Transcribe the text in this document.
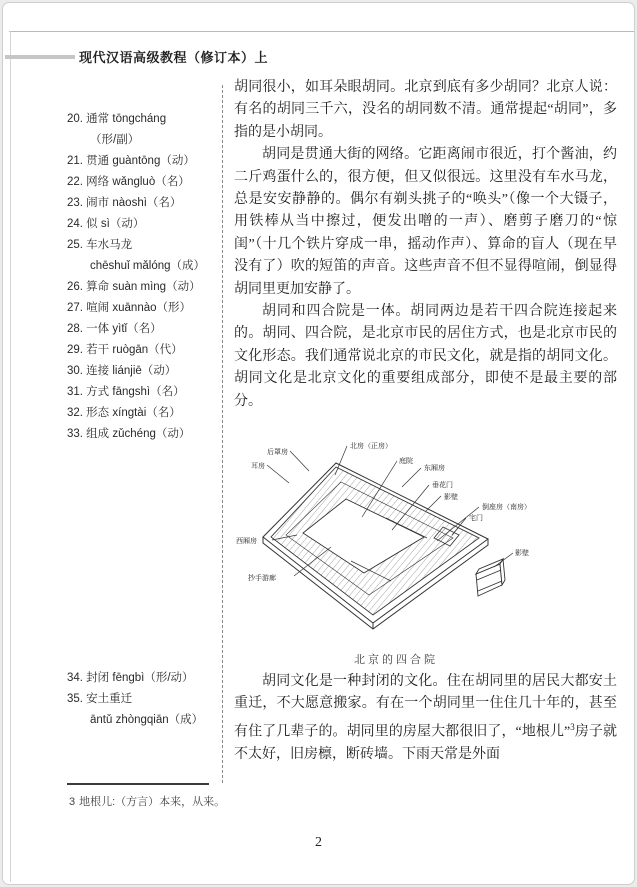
现代汉语高级教程（修订本）上
20. 通常 tōngcháng
（形/副）
21. 贯通 guàntōng（动）
22. 网络 wǎngluò（名）
23. 闹市 nàoshì（名）
24. 似 sì（动）
25. 车水马龙
chēshuǐ mǎlóng（成）
26. 算命 suàn mìng（动）
27. 喧闹 xuānnào（形）
28. 一体 yìtǐ（名）
29. 若干 ruògān（代）
30. 连接 liánjiē（动）
31. 方式 fāngshì（名）
32. 形态 xíngtài（名）
33. 组成 zǔchéng（动）
34. 封闭 fēngbì（形/动）
35. 安土重迁
āntǔ zhòngqiān（成）

胡同很小，如耳朵眼胡同。北京到底有多少胡同？北京人说：有名的胡同三千六，没名的胡同数不清。通常提起“胡同”，多指的是小胡同。

胡同是贯通大街的网络。它距离闹市很近，打个酱油，约二斤鸡蛋什么的，很方便，但又似很远。这里没有车水马龙，总是安安静静的。偶尔有剃头挑子的“唤头”（像一个大镊子，用铁棒从当中擦过，便发出噌的一声）、磨剪子磨刀的“惊闺”（十几个铁片穿成一串，摇动作声）、算命的盲人（现在早没有了）吹的短笛的声音。这些声音不但不显得喧闹，倒显得胡同里更加安静了。

胡同和四合院是一体。胡同两边是若干四合院连接起来的。胡同、四合院，是北京市民的居住方式，也是北京市民的文化形态。我们通常说北京的市民文化，就是指的胡同文化。胡同文化是北京文化的重要组成部分，即使不是最主要的部分。

后罩房
耳房
北房（正房）
庭院
东厢房
垂花门
影壁
倒座房（南房）
宅门
西厢房
抄手游廊
影壁
北京的四合院

胡同文化是一种封闭的文化。住在胡同里的居民大都安土重迁，不大愿意搬家。有在一个胡同里一住住几十年的，甚至有住了几辈子的。胡同里的房屋大都很旧了，“地根儿”$^3$房子就不太好，旧房檩，断砖墙。下雨天常是外面

3 地根儿:（方言）本来，从来。
2
